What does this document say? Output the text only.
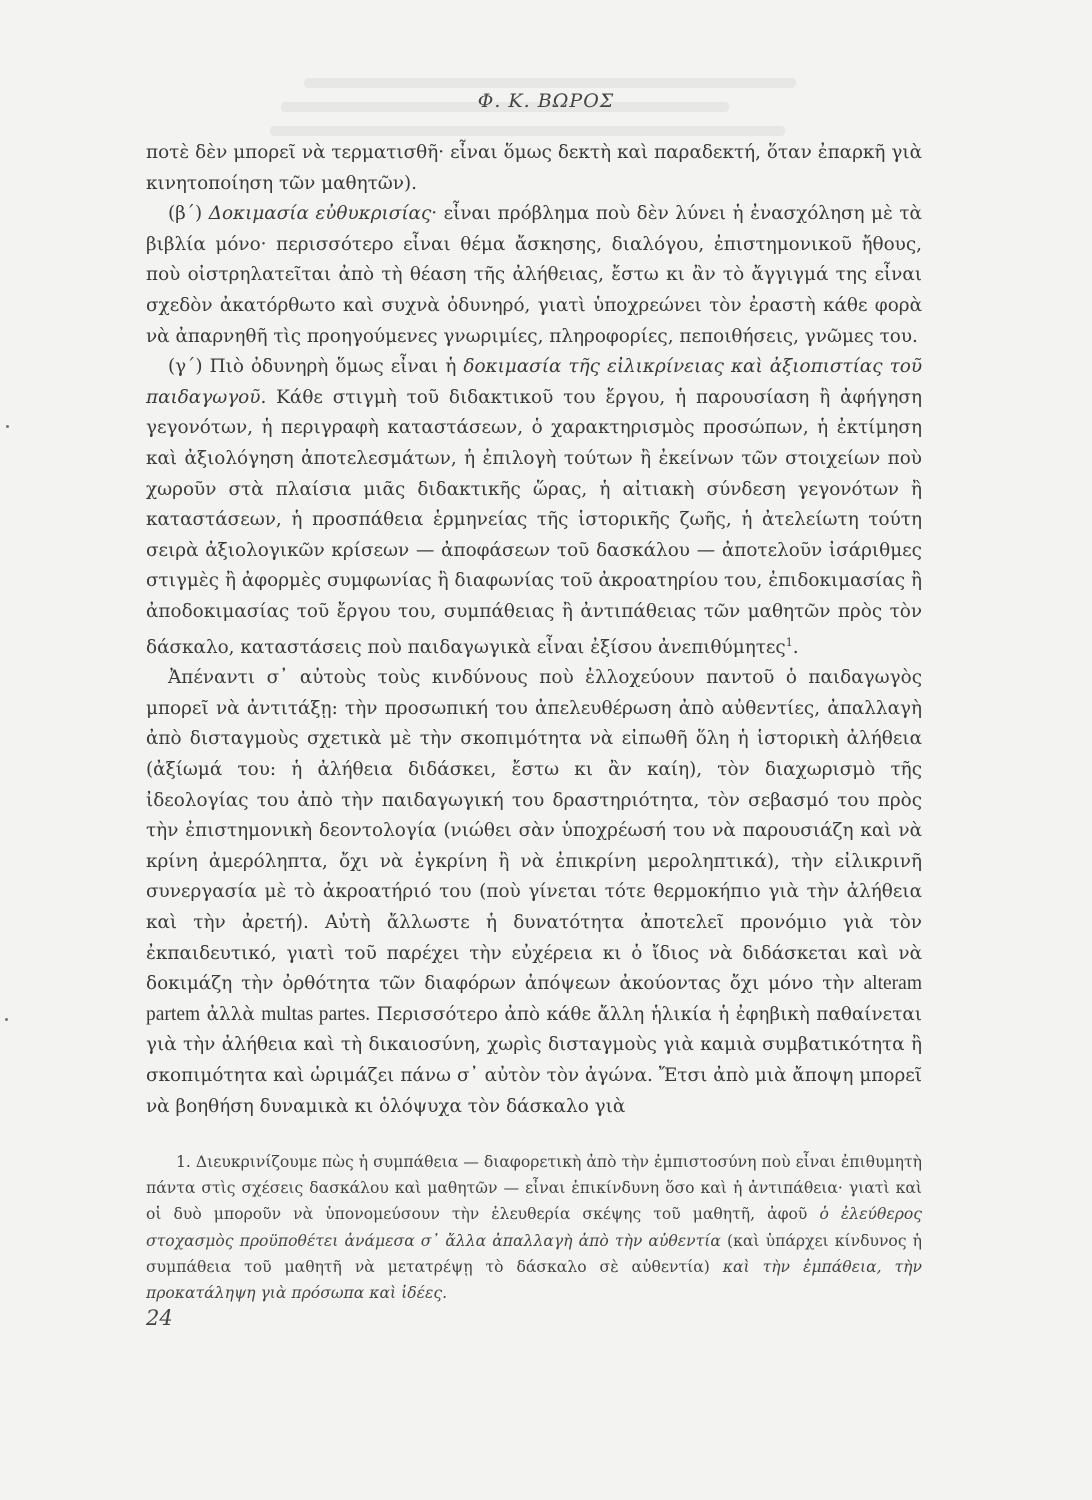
Φ. Κ. ΒΩΡΟΣ

ποτὲ δὲν μπορεῖ νὰ τερματισθῆ· εἶναι ὅμως δεκτὴ καὶ παραδεκτή, ὅταν ἐπαρκῆ γιὰ κινητοποίηση τῶν μαθητῶν).

(β΄) Δοκιμασία εὐθυκρισίας· εἶναι πρόβλημα ποὺ δὲν λύνει ἡ ἐνασχόληση μὲ τὰ βιβλία μόνο· περισσότερο εἶναι θέμα ἄσκησης, διαλόγου, ἐπιστημονικοῦ ἤθους, ποὺ οἰστρηλατεῖται ἀπὸ τὴ θέαση τῆς ἀλήθειας, ἔστω κι ἂν τὸ ἄγγιγμά της εἶναι σχεδὸν ἀκατόρθωτο καὶ συχνὰ ὀδυνηρό, γιατὶ ὑποχρεώνει τὸν ἐραστὴ κάθε φορὰ νὰ ἀπαρνηθῆ τὶς προηγούμενες γνωριμίες, πληροφορίες, πεποιθήσεις, γνῶμες του.

(γ΄) Πιὸ ὀδυνηρὴ ὅμως εἶναι ἡ δοκιμασία τῆς εἰλικρίνειας καὶ ἀξιοπιστίας τοῦ παιδαγωγοῦ. Κάθε στιγμὴ τοῦ διδακτικοῦ του ἔργου, ἡ παρουσίαση ἢ ἀφήγηση γεγονότων, ἡ περιγραφὴ καταστάσεων, ὁ χαρακτηρισμὸς προσώπων, ἡ ἐκτίμηση καὶ ἀξιολόγηση ἀποτελεσμάτων, ἡ ἐπιλογὴ τούτων ἢ ἐκείνων τῶν στοιχείων ποὺ χωροῦν στὰ πλαίσια μιᾶς διδακτικῆς ὥρας, ἡ αἰτιακὴ σύνδεση γεγονότων ἢ καταστάσεων, ἡ προσπάθεια ἑρμηνείας τῆς ἱστορικῆς ζωῆς, ἡ ἀτελείωτη τούτη σειρὰ ἀξιολογικῶν κρίσεων — ἀποφάσεων τοῦ δασκάλου — ἀποτελοῦν ἰσάριθμες στιγμὲς ἢ ἀφορμὲς συμφωνίας ἢ διαφωνίας τοῦ ἀκροατηρίου του, ἐπιδοκιμασίας ἢ ἀποδοκιμασίας τοῦ ἔργου του, συμπάθειας ἢ ἀντιπάθειας τῶν μαθητῶν πρὸς τὸν δάσκαλο, καταστάσεις ποὺ παιδαγωγικὰ εἶναι ἐξίσου ἀνεπιθύμητες$^1$.

Ἀπέναντι σ᾽ αὐτοὺς τοὺς κινδύνους ποὺ ἐλλοχεύουν παντοῦ ὁ παιδαγωγὸς μπορεῖ νὰ ἀντιτάξῃ: τὴν προσωπική του ἀπελευθέρωση ἀπὸ αὐθεντίες, ἀπαλλαγὴ ἀπὸ δισταγμοὺς σχετικὰ μὲ τὴν σκοπιμότητα νὰ εἰπωθῆ ὅλη ἡ ἱστορικὴ ἀλήθεια (ἀξίωμά του: ἡ ἀλήθεια διδάσκει, ἔστω κι ἂν καίη), τὸν διαχωρισμὸ τῆς ἰδεολογίας του ἀπὸ τὴν παιδαγωγική του δραστηριότητα, τὸν σεβασμό του πρὸς τὴν ἐπιστημονικὴ δεοντολογία (νιώθει σὰν ὑποχρέωσή του νὰ παρουσιάζη καὶ νὰ κρίνη ἀμερόληπτα, ὄχι νὰ ἐγκρίνη ἢ νὰ ἐπικρίνη μεροληπτικά), τὴν εἰλικρινῆ συνεργασία μὲ τὸ ἀκροατήριό του (ποὺ γίνεται τότε θερμοκήπιο γιὰ τὴν ἀλήθεια καὶ τὴν ἀρετή). Αὐτὴ ἄλλωστε ἡ δυνατότητα ἀποτελεῖ προνόμιο γιὰ τὸν ἐκπαιδευτικό, γιατὶ τοῦ παρέχει τὴν εὐχέρεια κι ὁ ἴδιος νὰ διδάσκεται καὶ νὰ δοκιμάζη τὴν ὀρθότητα τῶν διαφόρων ἀπόψεων ἀκούοντας ὄχι μόνο τὴν alteram partem ἀλλὰ multas partes. Περισσότερο ἀπὸ κάθε ἄλλη ἡλικία ἡ ἐφηβικὴ παθαίνεται γιὰ τὴν ἀλήθεια καὶ τὴ δικαιοσύνη, χωρὶς δισταγμοὺς γιὰ καμιὰ συμβατικότητα ἢ σκοπιμότητα καὶ ὡριμάζει πάνω σ᾽ αὐτὸν τὸν ἀγώνα. Ἔτσι ἀπὸ μιὰ ἄποψη μπορεῖ νὰ βοηθήση δυναμικὰ κι ὁλόψυχα τὸν δάσκαλο γιὰ

1. Διευκρινίζουμε πὼς ἡ συμπάθεια — διαφορετικὴ ἀπὸ τὴν ἐμπιστοσύνη ποὺ εἶναι ἐπιθυμητὴ πάντα στὶς σχέσεις δασκάλου καὶ μαθητῶν — εἶναι ἐπικίνδυνη ὅσο καὶ ἡ ἀντιπάθεια· γιατὶ καὶ οἱ δυὸ μποροῦν νὰ ὑπονομεύσουν τὴν ἐλευθερία σκέψης τοῦ μαθητῆ, ἀφοῦ ὁ ἐλεύθερος στοχασμὸς προϋποθέτει ἀνάμεσα σ᾽ ἄλλα ἀπαλλαγὴ ἀπὸ τὴν αὐθεντία (καὶ ὑπάρχει κίνδυνος ἡ συμπάθεια τοῦ μαθητῆ νὰ μετατρέψῃ τὸ δάσκαλο σὲ αὐθεντία) καὶ τὴν ἐμπάθεια, τὴν προκατάληψη γιὰ πρόσωπα καὶ ἰδέες.

24
